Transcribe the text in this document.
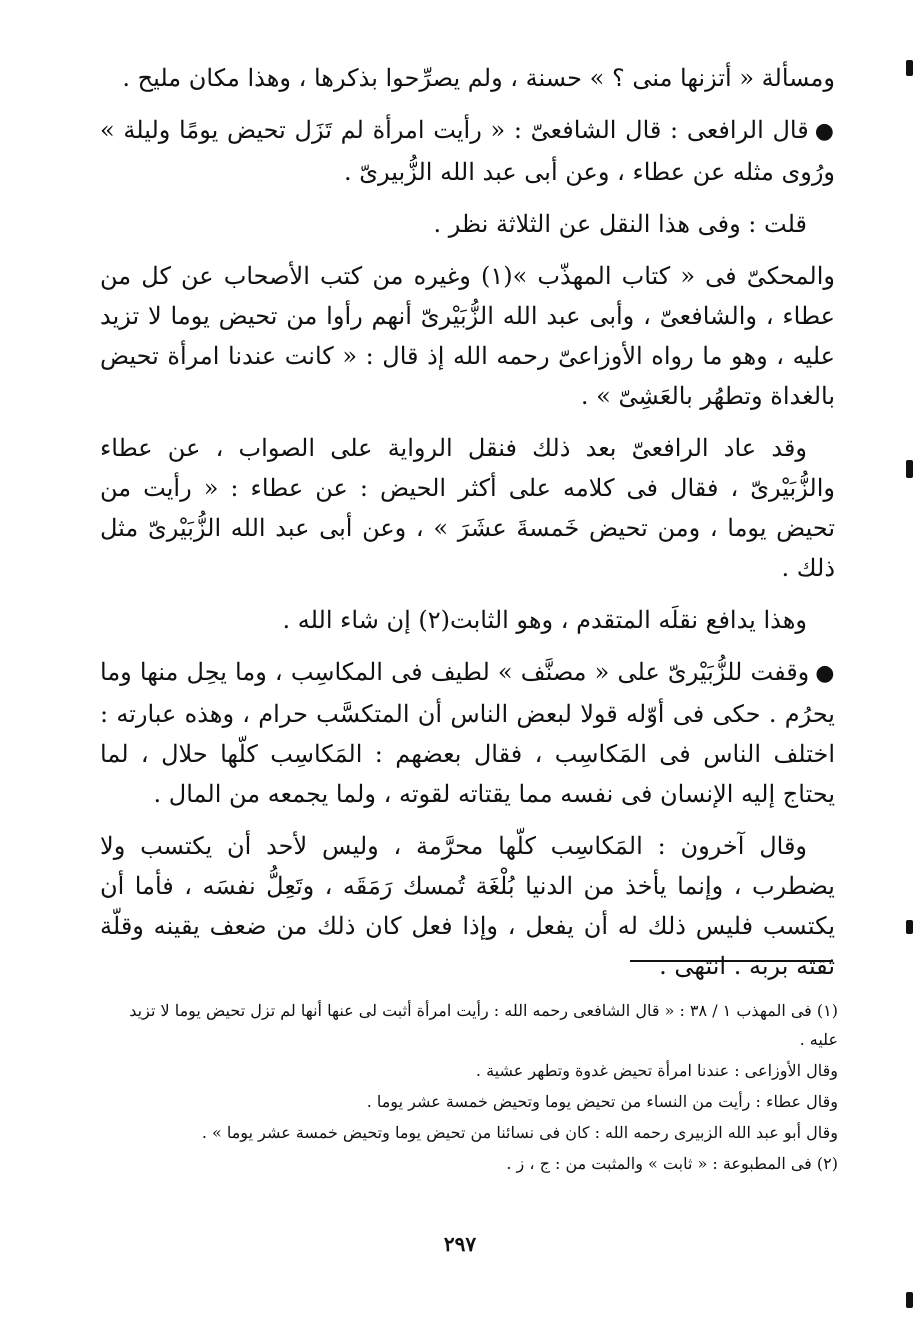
ومسألة « أتزنها منى ؟ » حسنة ، ولم يصرِّحوا بذكرها ، وهذا مكان مليح .

●قال الرافعى : قال الشافعىّ : « رأيت امرأة لم تَزَل تحيض يومًا وليلة » ورُوى مثله عن عطاء ، وعن أبى عبد الله الزُّبيرىّ .

قلت : وفى هذا النقل عن الثلاثة نظر .

والمحكىّ فى « كتاب المهذّب »(١) وغيره من كتب الأصحاب عن كل من عطاء ، والشافعىّ ، وأبى عبد الله الزُّبَيْرىّ أنهم رأوا من تحيض يوما لا تزيد عليه ، وهو ما رواه الأوزاعىّ رحمه الله إذ قال : « كانت عندنا امرأة تحيض بالغداة وتطهُر بالعَشِىّ » .

وقد عاد الرافعىّ بعد ذلك فنقل الرواية على الصواب ، عن عطاء والزُّبَيْرىّ ، فقال فى كلامه على أكثر الحيض : عن عطاء : « رأيت من تحيض يوما ، ومن تحيض خَمسةَ عشَرَ » ، وعن أبى عبد الله الزُّبَيْرىّ مثل ذلك .

وهذا يدافع نقلَه المتقدم ، وهو الثابت(٢) إن شاء الله .

●وقفت للزُّبَيْرىّ على « مصنَّف » لطيف فى المكاسِب ، وما يحِل منها وما يحرُم . حكى فى أوّله قولا لبعض الناس أن المتكسَّب حرام ، وهذه عبارته : اختلف الناس فى المَكاسِب ، فقال بعضهم : المَكاسِب كلّها حلال ، لما يحتاج إليه الإنسان فى نفسه مما يقتاته لقوته ، ولما يجمعه من المال .

وقال آخرون : المَكاسِب كلّها محرَّمة ، وليس لأحد أن يكتسب ولا يضطرب ، وإنما يأخذ من الدنيا بُلْغَة تُمسك رَمَقَه ، وتَعِلُّ نفسَه ، فأما أن يكتسب فليس ذلك له أن يفعل ، وإذا فعل كان ذلك من ضعف يقينه وقلّة ثقته بربه . انتهى .

(١) فى المهذب ١ / ٣٨ : « قال الشافعى رحمه الله : رأيت امرأة أثبت لى عنها أنها لم تزل تحيض يوما لا تزيد عليه .

وقال الأوزاعى : عندنا امرأة تحيض غدوة وتطهر عشية .

وقال عطاء : رأيت من النساء من تحيض يوما وتحيض خمسة عشر يوما .

وقال أبو عبد الله الزبيرى رحمه الله : كان فى نسائنا من تحيض يوما وتحيض خمسة عشر يوما » .

(٢) فى المطبوعة : « ثابت » والمثبت من : ج ، ز .

٢٩٧
